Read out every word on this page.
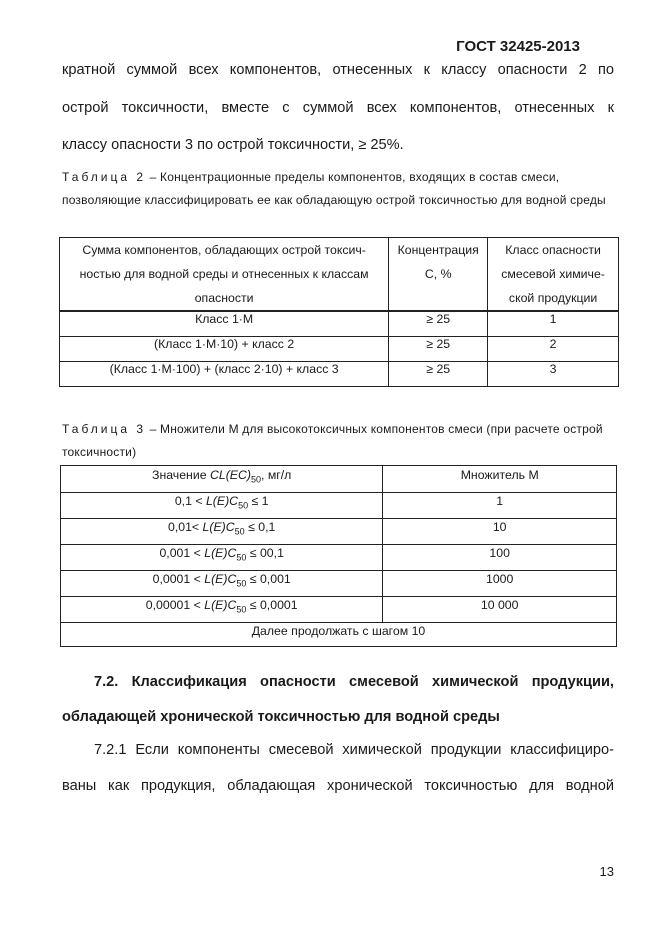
ГОСТ 32425-2013
кратной суммой всех компонентов, отнесенных к классу опасности 2 по
острой токсичности, вместе с суммой всех компонентов, отнесенных к
классу опасности 3 по острой токсичности, ≥ 25%.
Таблица 2 – Концентрационные пределы компонентов, входящих в состав смеси, позволяющие классифицировать ее как обладающую острой токсичностью для водной среды
Сумма компонентов, обладающих острой токсич-ностью для водной среды и отнесенных к классам опасности	Концентрация C, %	Класс опасности смесевой химиче-ской продукции
Класс 1·М	≥ 25	1
(Класс 1·М·10) + класс 2	≥ 25	2
(Класс 1·М·100) + (класс 2·10) + класс 3	≥ 25	3
Таблица 3 – Множители М для высокотоксичных компонентов смеси (при расчете острой токсичности)
Значение $CL(EC)_{50}$, мг/л	Множитель М
$0,1 < L(E)C_{50} \le 1$	1
$0,01< L(E)C_{50} \le 0,1$	10
$0,001 < L(E)C_{50} \le 00,1$	100
$0,0001 < L(E)C_{50} \le 0,001$	1000
$0,00001 < L(E)C_{50} \le 0,0001$	10 000
Далее продолжать с шагом 10	
7.2. Классификация опасности смесевой химической продукции,
обладающей хронической токсичностью для водной среды
7.2.1 Если компоненты смесевой химической продукции классифициро-
ваны как продукция, обладающая хронической токсичностью для водной
13
